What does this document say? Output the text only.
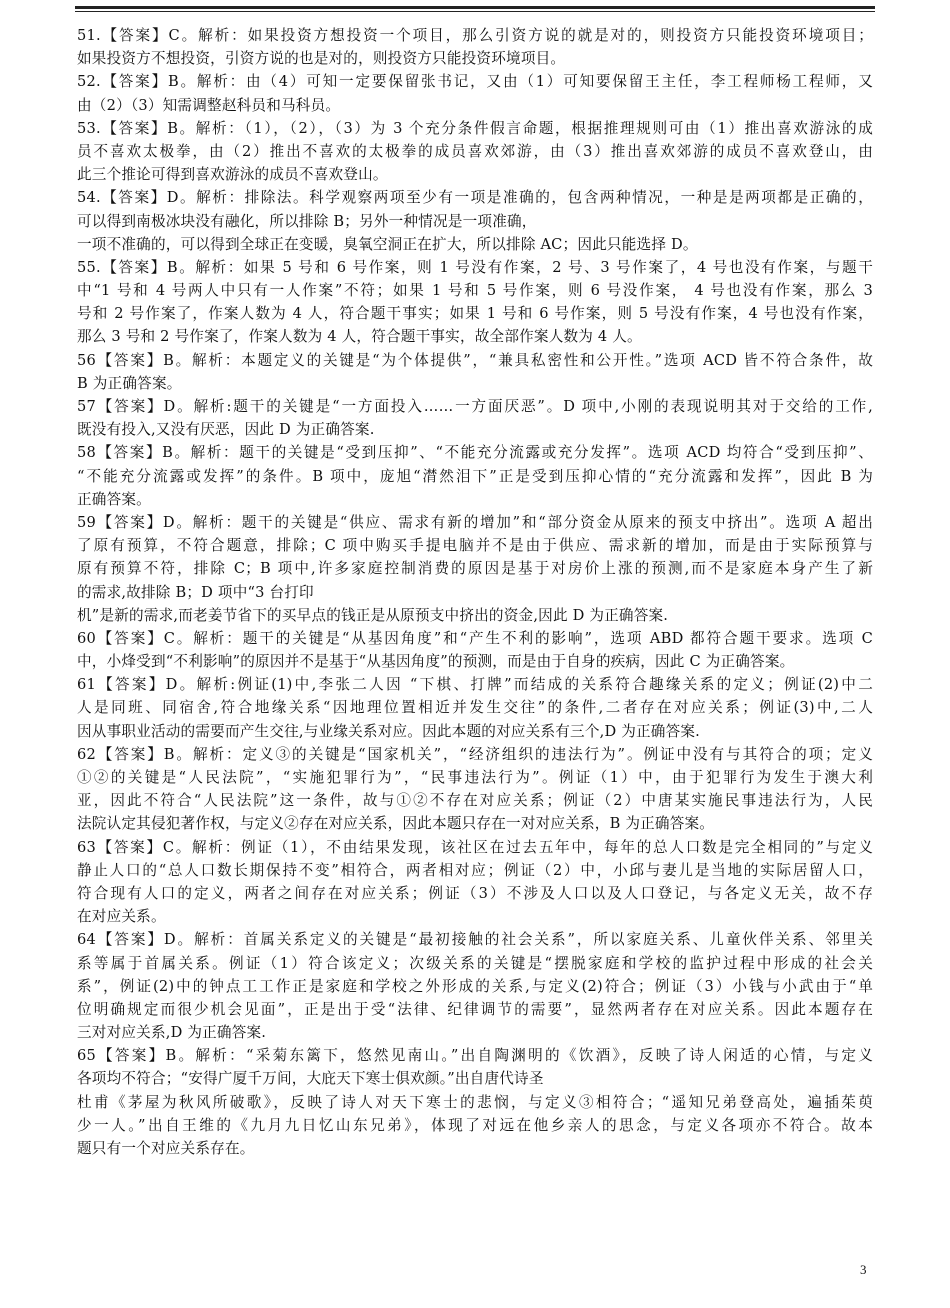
51.【答案】C。解析：如果投资方想投资一个项目，那么引资方说的就是对的，则投资方只能投资环境项目；
如果投资方不想投资，引资方说的也是对的，则投资方只能投资环境项目。
52.【答案】B。解析：由（4）可知一定要保留张书记，又由（1）可知要保留王主任，李工程师杨工程师，又
由（2）（3）知需调整赵科员和马科员。
53.【答案】B。解析：（1），（2），（3）为 3 个充分条件假言命题，根据推理规则可由（1）推出喜欢游泳的成
员不喜欢太极拳，由（2）推出不喜欢的太极拳的成员喜欢郊游，由（3）推出喜欢郊游的成员不喜欢登山，由
此三个推论可得到喜欢游泳的成员不喜欢登山。
54.【答案】D。解析：排除法。科学观察两项至少有一项是准确的，包含两种情况，一种是是两项都是正确的，
可以得到南极冰块没有融化，所以排除 B；另外一种情况是一项准确，
一项不准确的，可以得到全球正在变暖，臭氧空洞正在扩大，所以排除 AC；因此只能选择 D。
55.【答案】B。解析：如果 5 号和 6 号作案，则 1 号没有作案，2 号、3 号作案了，4 号也没有作案，与题干
中“1 号和 4 号两人中只有一人作案”不符；如果 1 号和 5 号作案，则 6 号没作案， 4 号也没有作案，那么 3
号和 2 号作案了，作案人数为 4 人，符合题干事实；如果 1 号和 6 号作案，则 5 号没有作案，4 号也没有作案，
那么 3 号和 2 号作案了，作案人数为 4 人，符合题干事实，故全部作案人数为 4 人。
56【答案】B。解析：本题定义的关键是“为个体提供”，“兼具私密性和公开性。”选项 ACD 皆不符合条件，故
B 为正确答案。
57【答案】D。解析:题干的关键是“一方面投入……一方面厌恶”。D 项中,小刚的表现说明其对于交给的工作,
既没有投入,又没有厌恶，因此 D 为正确答案.
58【答案】B。解析：题干的关键是“受到压抑”、“不能充分流露或充分发挥”。选项 ACD 均符合“受到压抑”、
“不能充分流露或发挥”的条件。B 项中，庞旭“潸然泪下”正是受到压抑心情的“充分流露和发挥”，因此 B 为
正确答案。
59【答案】D。解析：题干的关键是“供应、需求有新的增加”和“部分资金从原来的预支中挤出”。选项 A 超出
了原有预算，不符合题意，排除；C 项中购买手提电脑并不是由于供应、需求新的增加，而是由于实际预算与
原有预算不符，排除 C；B 项中,许多家庭控制消费的原因是基于对房价上涨的预测,而不是家庭本身产生了新
的需求,故排除 B；D 项中“3 台打印
机”是新的需求,而老姜节省下的买早点的钱正是从原预支中挤出的资金,因此 D 为正确答案.
60【答案】C。解析：题干的关键是“从基因角度”和“产生不利的影响”，选项 ABD 都符合题干要求。选项 C
中，小烽受到“不利影响”的原因并不是基于“从基因角度”的预测，而是由于自身的疾病，因此 C 为正确答案。
61【答案】D。解析:例证(1)中,李张二人因 “下棋、打牌”而结成的关系符合趣缘关系的定义；例证(2)中二
人是同班、同宿舍,符合地缘关系“因地理位置相近并发生交往”的条件,二者存在对应关系；例证(3)中,二人
因从事职业活动的需要而产生交往,与业缘关系对应。因此本题的对应关系有三个,D 为正确答案.
62【答案】B。解析：定义③的关键是“国家机关”，“经济组织的违法行为”。例证中没有与其符合的项；定义
①②的关键是“人民法院”，“实施犯罪行为”，“民事违法行为”。例证（1）中，由于犯罪行为发生于澳大利
亚，因此不符合“人民法院”这一条件，故与①②不存在对应关系；例证（2）中唐某实施民事违法行为，人民
法院认定其侵犯著作权，与定义②存在对应关系，因此本题只存在一对对应关系，B 为正确答案。
63【答案】C。解析：例证（1），不由结果发现，该社区在过去五年中，每年的总人口数是完全相同的”与定义
静止人口的“总人口数长期保持不变”相符合，两者相对应；例证（2）中，小邱与妻儿是当地的实际居留人口，
符合现有人口的定义，两者之间存在对应关系；例证（3）不涉及人口以及人口登记，与各定义无关，故不存
在对应关系。
64【答案】D。解析：首属关系定义的关键是“最初接触的社会关系”，所以家庭关系、儿童伙伴关系、邻里关
系等属于首属关系。例证（1）符合该定义；次级关系的关键是“摆脱家庭和学校的监护过程中形成的社会关
系”，例证(2)中的钟点工工作正是家庭和学校之外形成的关系,与定义(2)符合；例证（3）小钱与小武由于“单
位明确规定而很少机会见面”，正是出于受“法律、纪律调节的需要”，显然两者存在对应关系。因此本题存在
三对对应关系,D 为正确答案.
65【答案】B。解析：“采菊东篱下，悠然见南山。”出自陶渊明的《饮酒》，反映了诗人闲适的心情，与定义
各项均不符合；“安得广厦千万间，大庇天下寒士俱欢颜。”出自唐代诗圣
杜甫《茅屋为秋风所破歌》，反映了诗人对天下寒士的悲悯，与定义③相符合；“遥知兄弟登高处，遍插茱萸
少一人。”出自王维的《九月九日忆山东兄弟》，体现了对远在他乡亲人的思念，与定义各项亦不符合。故本
题只有一个对应关系存在。
3
